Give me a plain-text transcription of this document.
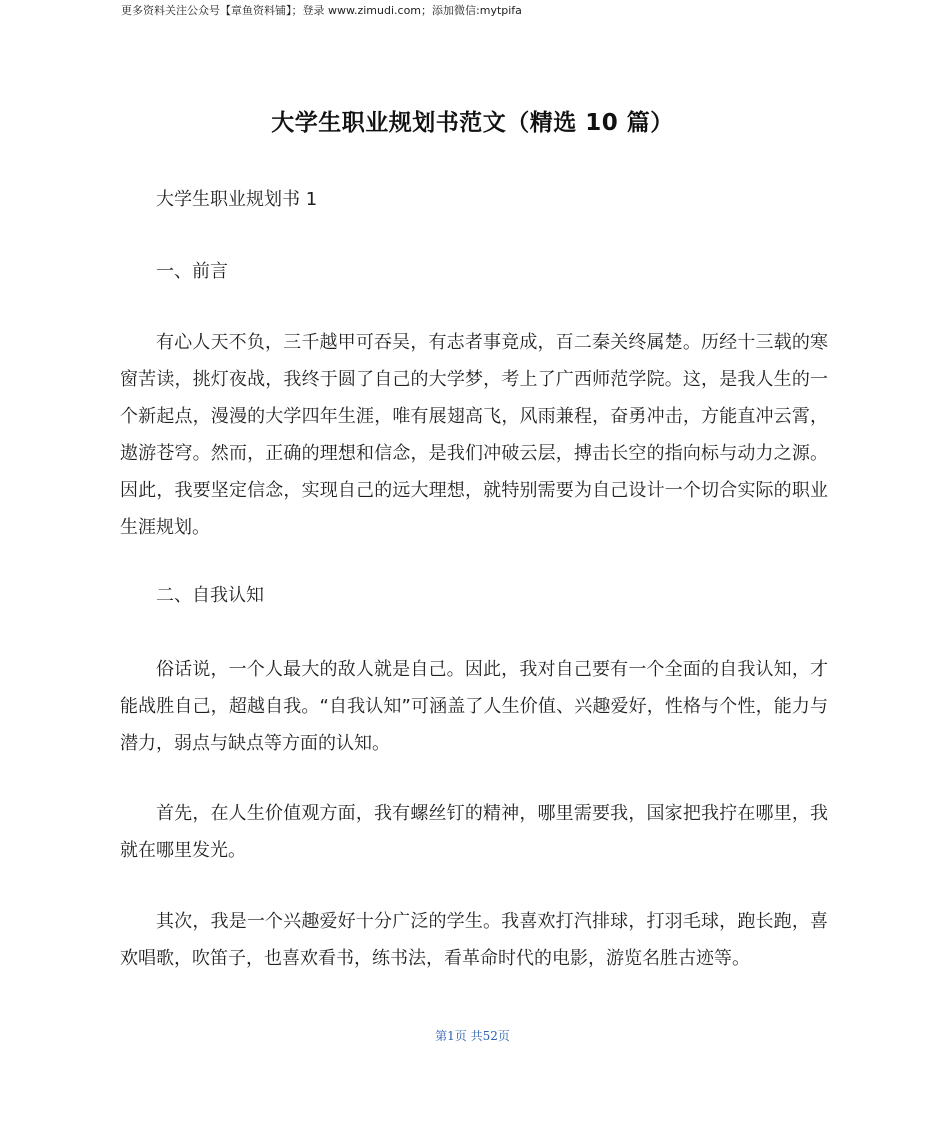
更多资料关注公众号【章鱼资料铺】；登录 www.zimudi.com；添加微信:mytpifa
大学生职业规划书范文（精选 10 篇）
大学生职业规划书 1
一、前言

有心人天不负，三千越甲可吞吴，有志者事竟成，百二秦关终属楚。历经十三载的寒窗苦读，挑灯夜战，我终于圆了自己的大学梦，考上了广西师范学院。这，是我人生的一个新起点，漫漫的大学四年生涯，唯有展翅高飞，风雨兼程，奋勇冲击，方能直冲云霄，遨游苍穹。然而，正确的理想和信念，是我们冲破云层，搏击长空的指向标与动力之源。因此，我要坚定信念，实现自己的远大理想，就特别需要为自己设计一个切合实际的职业生涯规划。

二、自我认知

俗话说，一个人最大的敌人就是自己。因此，我对自己要有一个全面的自我认知，才能战胜自己，超越自我。“自我认知”可涵盖了人生价值、兴趣爱好，性格与个性，能力与潜力，弱点与缺点等方面的认知。

首先，在人生价值观方面，我有螺丝钉的精神，哪里需要我，国家把我拧在哪里，我就在哪里发光。

其次，我是一个兴趣爱好十分广泛的学生。我喜欢打汽排球，打羽毛球，跑长跑，喜欢唱歌，吹笛子，也喜欢看书，练书法，看革命时代的电影，游览名胜古迹等。

第1页 共52页
